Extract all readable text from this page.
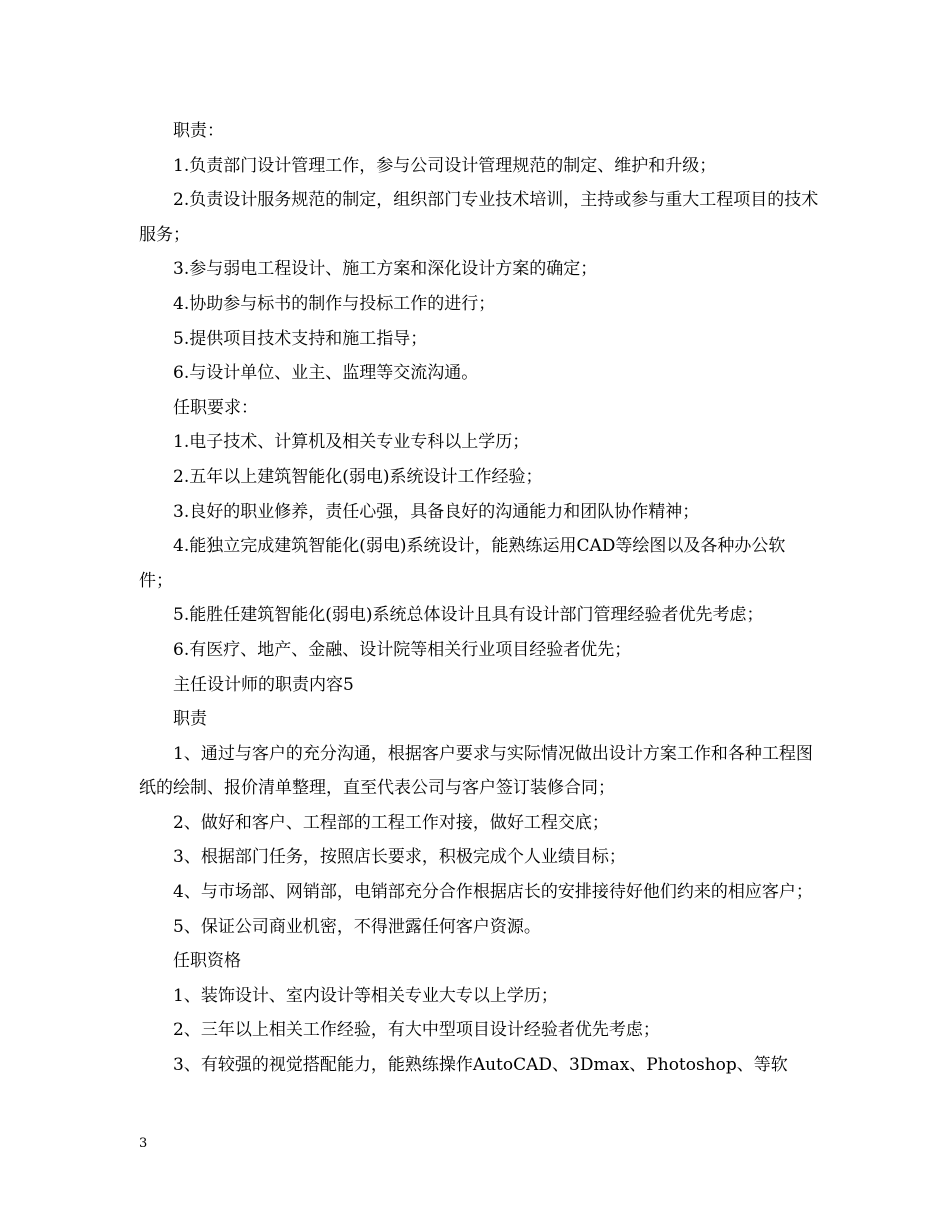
职责：

1.负责部门设计管理工作，参与公司设计管理规范的制定、维护和升级；

2.负责设计服务规范的制定，组织部门专业技术培训，主持或参与重大工程项目的技术服务；

3.参与弱电工程设计、施工方案和深化设计方案的确定；

4.协助参与标书的制作与投标工作的进行；

5.提供项目技术支持和施工指导；

6.与设计单位、业主、监理等交流沟通。

任职要求：

1.电子技术、计算机及相关专业专科以上学历；

2.五年以上建筑智能化(弱电)系统设计工作经验；

3.良好的职业修养，责任心强，具备良好的沟通能力和团队协作精神；

4.能独立完成建筑智能化(弱电)系统设计，能熟练运用CAD等绘图以及各种办公软件；

5.能胜任建筑智能化(弱电)系统总体设计且具有设计部门管理经验者优先考虑；

6.有医疗、地产、金融、设计院等相关行业项目经验者优先；

主任设计师的职责内容5

职责

1、通过与客户的充分沟通，根据客户要求与实际情况做出设计方案工作和各种工程图纸的绘制、报价清单整理，直至代表公司与客户签订装修合同；

2、做好和客户、工程部的工程工作对接，做好工程交底；

3、根据部门任务，按照店长要求，积极完成个人业绩目标；

4、与市场部、网销部，电销部充分合作根据店长的安排接待好他们约来的相应客户；

5、保证公司商业机密，不得泄露任何客户资源。

任职资格

1、装饰设计、室内设计等相关专业大专以上学历；

2、三年以上相关工作经验，有大中型项目设计经验者优先考虑；

3、有较强的视觉搭配能力，能熟练操作AutoCAD、3Dmax、Photoshop、等软

3
